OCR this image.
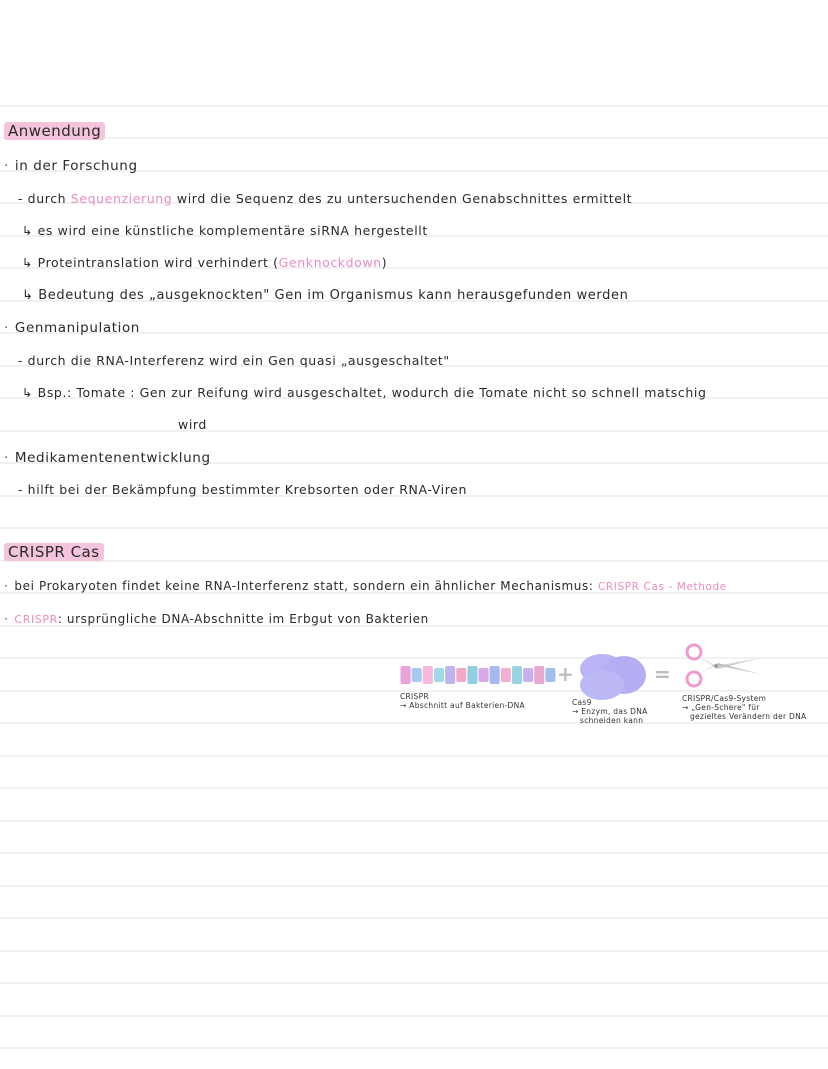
Anwendung
· in der Forschung
- durch Sequenzierung wird die Sequenz des zu untersuchenden Genabschnittes ermittelt
↳ es wird eine künstliche komplementäre siRNA hergestellt
↳ Proteintranslation wird verhindert (Genknockdown)
↳ Bedeutung des „ausgeknockten" Gen im Organismus kann herausgefunden werden
· Genmanipulation
- durch die RNA-Interferenz wird ein Gen quasi „ausgeschaltet"
↳ Bsp.: Tomate : Gen zur Reifung wird ausgeschaltet, wodurch die Tomate nicht so schnell matschig
wird
· Medikamentenentwicklung
- hilft bei der Bekämpfung bestimmter Krebsorten oder RNA-Viren
CRISPR Cas
· bei Prokaryoten findet keine RNA-Interferenz statt, sondern ein ähnlicher Mechanismus: CRISPR Cas - Methode
· CRISPR: ursprüngliche DNA-Abschnitte im Erbgut von Bakterien
+	=
CRISPR
→ Abschnitt auf Bakterien-DNA	Cas9
→ Enzym, das DNA
schneiden kann
CRISPR/Cas9-System
→ „Gen-Schere" für
gezieltes Verändern der DNA
